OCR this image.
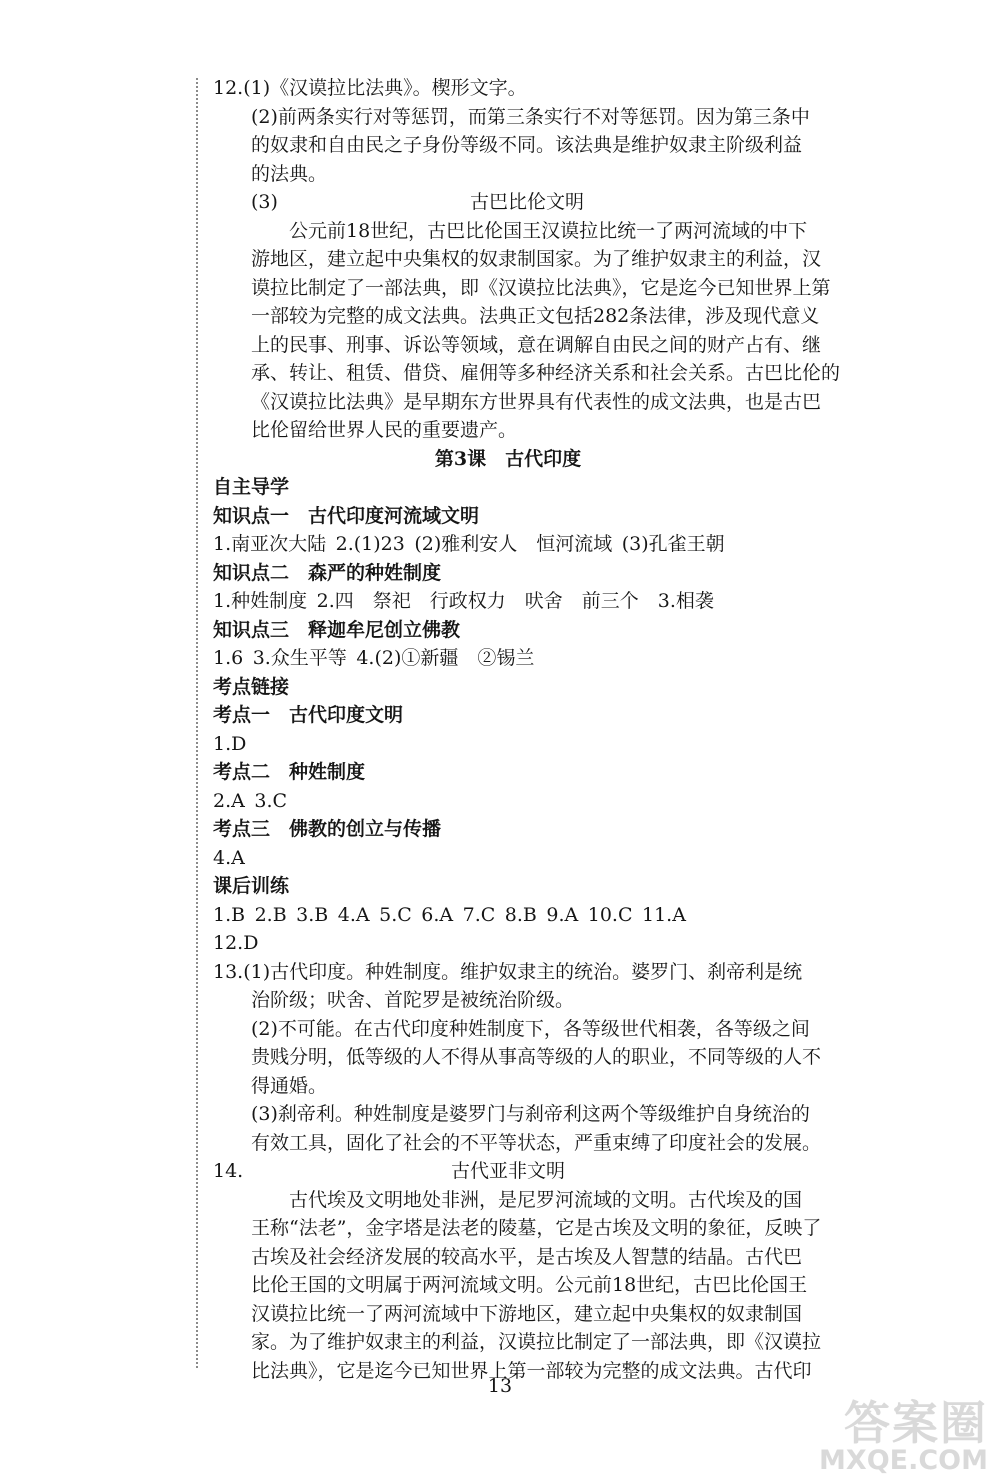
12.(1)《汉谟拉比法典》。楔形文字。
(2)前两条实行对等惩罚，而第三条实行不对等惩罚。因为第三条中
的奴隶和自由民之子身份等级不同。该法典是维护奴隶主阶级利益
的法典。
(3)	古巴比伦文明
公元前18世纪，古巴比伦国王汉谟拉比统一了两河流域的中下
游地区，建立起中央集权的奴隶制国家。为了维护奴隶主的利益，汉
谟拉比制定了一部法典，即《汉谟拉比法典》，它是迄今已知世界上第
一部较为完整的成文法典。法典正文包括282条法律，涉及现代意义
上的民事、刑事、诉讼等领域，意在调解自由民之间的财产占有、继
承、转让、租赁、借贷、雇佣等多种经济关系和社会关系。古巴比伦的
《汉谟拉比法典》是早期东方世界具有代表性的成文法典，也是古巴
比伦留给世界人民的重要遗产。
第3课　古代印度
自主导学
知识点一　古代印度河流域文明
1.南亚次大陆 2.(1)23 (2)雅利安人 恒河流域 (3)孔雀王朝
知识点二　森严的种姓制度
1.种姓制度 2.四 祭祀 行政权力 吠舍 前三个 3.相袭
知识点三　释迦牟尼创立佛教
1.6 3.众生平等 4.(2)①新疆 ②锡兰
考点链接
考点一　古代印度文明
1.D
考点二　种姓制度
2.A 3.C
考点三　佛教的创立与传播
4.A
课后训练
1.B 2.B 3.B 4.A 5.C 6.A 7.C 8.B 9.A 10.C 11.A
12.D
13.(1)古代印度。种姓制度。维护奴隶主的统治。婆罗门、刹帝利是统
治阶级；吠舍、首陀罗是被统治阶级。
(2)不可能。在古代印度种姓制度下，各等级世代相袭，各等级之间
贵贱分明，低等级的人不得从事高等级的人的职业，不同等级的人不
得通婚。
(3)刹帝利。种姓制度是婆罗门与刹帝利这两个等级维护自身统治的
有效工具，固化了社会的不平等状态，严重束缚了印度社会的发展。
14.	古代亚非文明
古代埃及文明地处非洲，是尼罗河流域的文明。古代埃及的国
王称“法老”，金字塔是法老的陵墓，它是古埃及文明的象征，反映了
古埃及社会经济发展的较高水平，是古埃及人智慧的结晶。古代巴
比伦王国的文明属于两河流域文明。公元前18世纪，古巴比伦国王
汉谟拉比统一了两河流域中下游地区，建立起中央集权的奴隶制国
家。为了维护奴隶主的利益，汉谟拉比制定了一部法典，即《汉谟拉
比法典》，它是迄今已知世界上第一部较为完整的成文法典。古代印
13
答案圈
MXQE.COM
